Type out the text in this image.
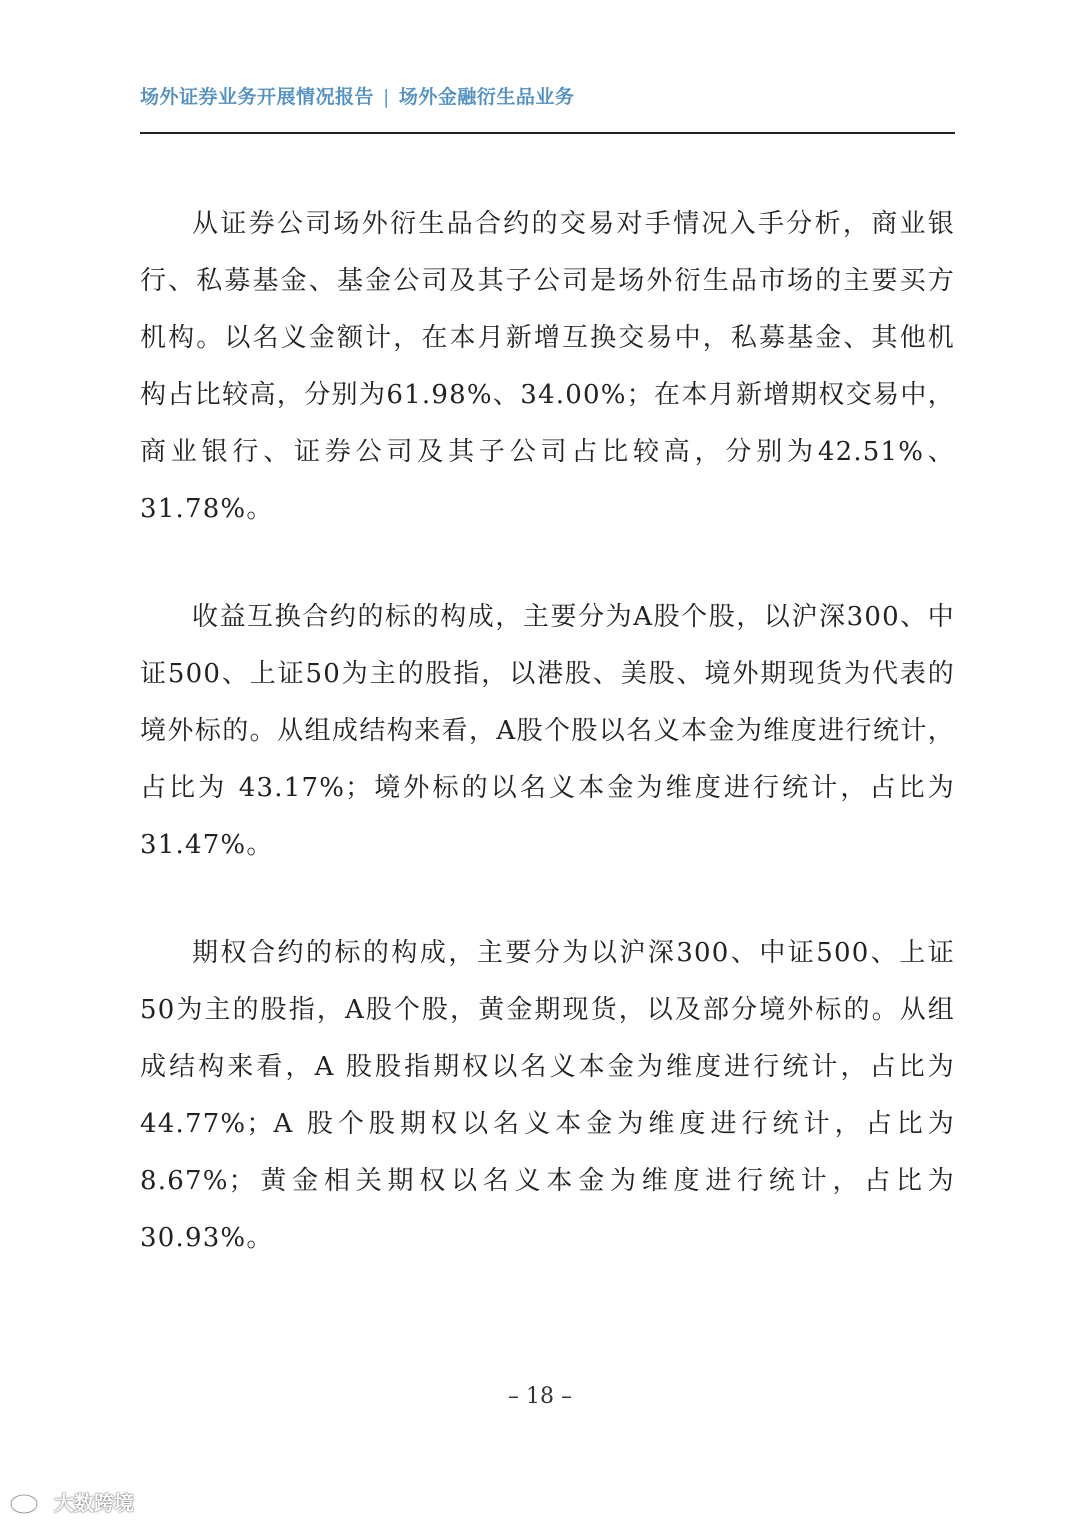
场外证券业务开展情况报告 | 场外金融衍生品业务

从证券公司场外衍生品合约的交易对手情况入手分析，商业银行、私募基金、基金公司及其子公司是场外衍生品市场的主要买方机构。以名义金额计，在本月新增互换交易中，私募基金、其他机构占比较高，分别为61.98%、34.00%；在本月新增期权交易中，商业银行、证券公司及其子公司占比较高，分别为42.51%、31.78%。

收益互换合约的标的构成，主要分为A股个股，以沪深300、中证500、上证50为主的股指，以港股、美股、境外期现货为代表的境外标的。从组成结构来看，A股个股以名义本金为维度进行统计，占比为 43.17%；境外标的以名义本金为维度进行统计，占比为31.47%。

期权合约的标的构成，主要分为以沪深300、中证500、上证50为主的股指，A股个股，黄金期现货，以及部分境外标的。从组成结构来看，A 股股指期权以名义本金为维度进行统计，占比为 44.77%；A 股个股期权以名义本金为维度进行统计，占比为8.67%；黄金相关期权以名义本金为维度进行统计，占比为30.93%。

– 18 –
大数跨境
